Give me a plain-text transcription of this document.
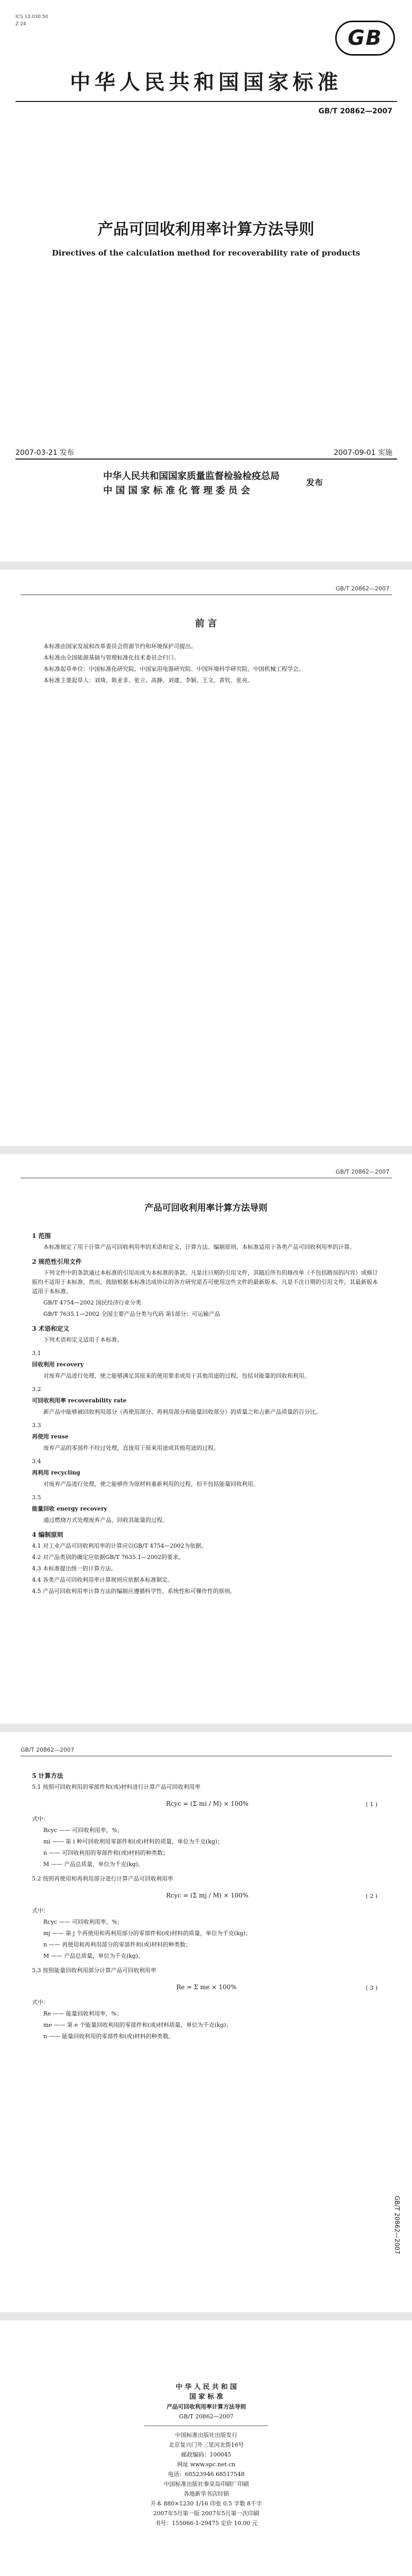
ICS 13.030.50
Z 24
GB
中华人民共和国国家标准
GB/T 20862—2007
产品可回收利用率计算方法导则
Directives of the calculation method for recoverability rate of products
2007-03-21 发布	2007-09-01 实施
中华人民共和国国家质量监督检验检疫总局
中 国 国 家 标 准 化 管 理 委 员 会
发布
GB/T 20862—2007
前 言

本标准由国家发展和改革委员会资源节约和环境保护司提出。

本标准由全国能源基础与管理标准化技术委员会归口。

本标准起草单位：中国标准化研究院、中国家用电器研究院、中国环境科学研究院、中国机械工程学会。

本标准主要起草人：刘琦、陈亚非、张立、高静、刘建、李颖、王文、黄钦、张亮。

GB/T 20862—2007
产品可回收利用率计算方法导则

1 范围

本标准规定了用于计算产品可回收利用率的术语和定义、计算方法、编制原则。本标准适用于各类产品可回收利用率的计算。

2 规范性引用文件

下列文件中的条款通过本标准的引用而成为本标准的条款。凡是注日期的引用文件，其随后所有的修改单（不包括勘误的内容）或修订版均不适用于本标准，然而，鼓励根据本标准达成协议的各方研究是否可使用这些文件的最新版本。凡是不注日期的引用文件，其最新版本适用于本标准。

GB/T 4754—2002 国民经济行业分类

GB/T 7635.1—2002 全国主要产品分类与代码 第1部分：可运输产品

3 术语和定义

下列术语和定义适用于本标准。

3.1

回收利用 recovery

对废弃产品进行处理，使之能够满足其原来的使用要求或用于其他用途的过程，包括对能量的回收和利用。

3.2

可回收利用率 recoverability rate

新产品中能够被回收利用部分（再使用部分、再利用部分和能量回收部分）的质量之和占新产品质量的百分比。

3.3

再使用 reuse

废弃产品的零部件不经过处理，直接用于原来用途或其他用途的过程。

3.4

再利用 recycling

对废弃产品进行处理，使之能够作为原材料重新利用的过程，但不包括能量回收利用。

3.5

能量回收 energy recovery

通过燃烧方式处理废弃产品，回收其能量的过程。

4 编制原则

4.1 对工业产品可回收利用率的计算应以GB/T 4754—2002为依据。

4.2 对产品类别的确定应依据GB/T 7635.1—2002的要求。

4.3 本标准提出统一的计算方法。

4.4 各类产品可回收利用率计算规则应依据本标准制定。

4.5 产品可回收利用率计算方法的编制应遵循科学性、系统性和可操作性的原则。

GB/T 20862—2007

5 计算方法

5.1 按照可回收利用的零部件和(或)材料进行计算产品可回收利用率

Rcyc = (Σ mi / M) × 100%	( 1 )

式中：

Rcyc —— 可回收利用率，%；

mi —— 第 i 种可回收利用零部件和(或)材料的质量，单位为千克(kg)；

n —— 可回收利用的零部件和(或)材料的种类数；

M —— 产品总质量，单位为千克(kg)。

5.2 按照再使用和再利用部分进行计算产品可回收利用率

Rcyc = (Σ mj / M) × 100%	( 2 )

式中：

Rcyc —— 可回收利用率，%；

mj —— 第 j 个再使用和再利用部分的零部件和(或)材料的质量，单位为千克(kg)；

n —— 再使用和再利用部分的零部件和(或)材料的种类数；

M —— 产品总质量，单位为千克(kg)。

5.3 按照能量回收利用部分计算产品可回收利用率

Re = Σ me × 100%	( 3 )

式中：

Re —— 能量回收利用率，%；

me —— 第 e 个能量回收利用的零部件和(或)材料质量，单位为千克(kg)；

n —— 能量回收利用的零部件和(或)材料的种类数。

GB/T 20862—2007
中 华 人 民 共 和 国
国 家 标 准
产品可回收利用率计算方法导则
GB/T 20862—2007
中国标准出版社出版发行
北京复兴门外三里河北街16号
邮政编码：100045
网址 www.spc.net.cn
电话：68523946 68517548
中国标准出版社秦皇岛印刷厂印刷
各地新华书店经销
开本 880×1230 1/16 印张 0.5 字数 8千字
2007年5月第一版 2007年5月第一次印刷
书号：155066·1-29475 定价 10.00 元
